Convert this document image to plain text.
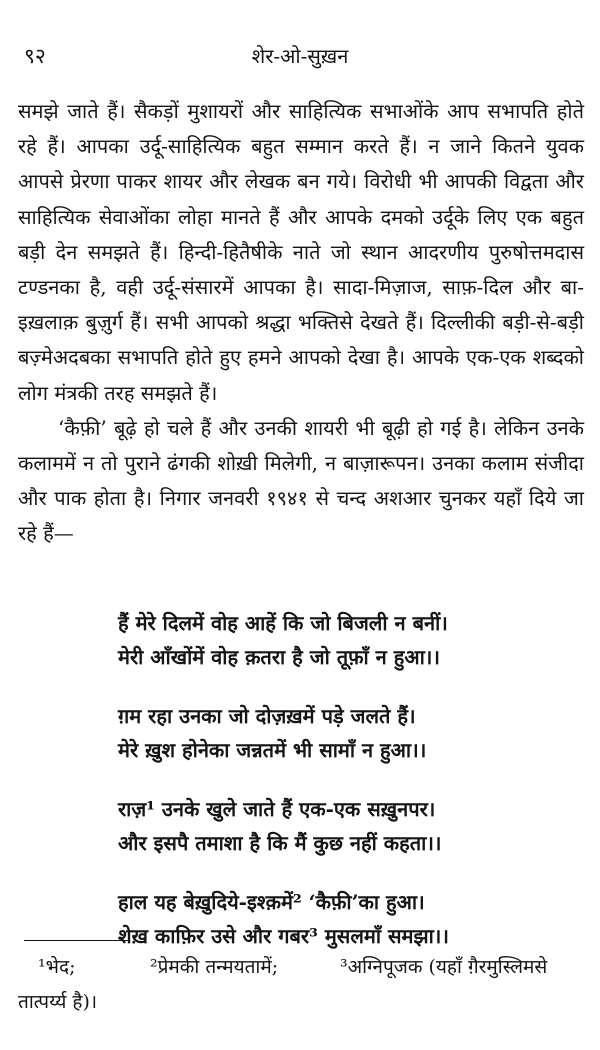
९२	शेर-ओ-सुख़न

समझे जाते हैं। सैकड़ों मुशायरों और साहित्यिक सभाओंके आप सभापति होते रहे हैं। आपका उर्दू-साहित्यिक बहुत सम्मान करते हैं। न जाने कितने युवक आपसे प्रेरणा पाकर शायर और लेखक बन गये। विरोधी भी आपकी विद्वता और साहित्यिक सेवाओंका लोहा मानते हैं और आपके दमको उर्दूके लिए एक बहुत बड़ी देन समझते हैं। हिन्दी-हितैषीके नाते जो स्थान आदरणीय पुरुषोत्तमदास टण्डनका है, वही उर्दू-संसारमें आपका है। सादा-मिज़ाज, साफ़-दिल और बा-इख़लाक़ बुज़ुर्ग हैं। सभी आपको श्रद्धा भक्तिसे देखते हैं। दिल्लीकी बड़ी-से-बड़ी बज़्मेअदबका सभापति होते हुए हमने आपको देखा है। आपके एक-एक शब्दको लोग मंत्रकी तरह समझते हैं।

‘कैफ़ी’ बूढ़े हो चले हैं और उनकी शायरी भी बूढ़ी हो गई है। लेकिन उनके कलाममें न तो पुराने ढंगकी शोख़ी मिलेगी, न बाज़ारूपन। उनका कलाम संजीदा और पाक होता है। निगार जनवरी १९४१ से चन्द अशआर चुनकर यहाँ दिये जा रहे हैं—

हैं मेरे दिलमें वोह आहें कि जो बिजली न बनीं।
मेरी आँखोंमें वोह क़तरा है जो तूफ़ाँ न हुआ।।
ग़म रहा उनका जो दोज़ख़में पड़े जलते हैं।
मेरे ख़ुश होनेका जन्नतमें भी सामाँ न हुआ।।
राज़¹ उनके खुले जाते हैं एक-एक सख़ुनपर।
और इसपै तमाशा है कि मैं कुछ नहीं कहता।।
हाल यह बेख़ुदिये-इश्क़में² ‘कैफ़ी’का हुआ।
शेख़ काफ़िर उसे और गबर³ मुसलमाँ समझा।।
¹भेद;	²प्रेमकी तन्मयतामें;	³अग्निपूजक (यहाँ ग़ैरमुस्लिमसे
तात्पर्य्य है)।
